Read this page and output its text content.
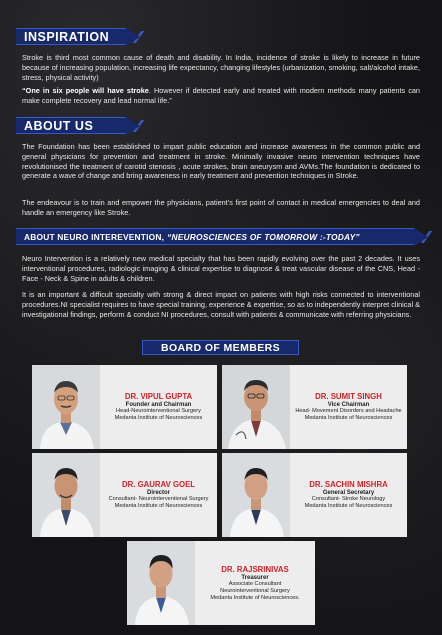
INSPIRATION

Stroke is third most common cause of death and disability. In India, incidence of stroke is likely to increase in future because of increasing population, increasing life expectancy, changing lifestyles (urbanization, smoking, salt/alcohol intake, stress, physical activity)

“One in six people will have stroke. However if detected early and treated with modern methods many patients can make complete recovery and lead normal life.”

ABOUT US

The Foundation has been established to impart public education and increase awareness in the common public and general physicians for prevention and treatment in stroke. Minimally invasive neuro intervention techniques have revolutionised the treatment of carotid stenosis , acute strokes, brain aneurysm and AVMs.The foundation is dedicated to generate a wave of change and bring awareness in early treatment and prevention techniques in Stroke.

The endeavour is to train and empower the physicians, patient’s first point of contact in medical emergencies to deal and handle an emergency like Stroke.

ABOUT NEURO INTEREVENTION, “NEUROSCIENCES OF TOMORROW :-TODAY”

Neuro Intervention is a relatively new medical specialty that has been rapidly evolving over the past 2 decades. It uses interventional procedures, radiologic imaging & clinical expertise to diagnose & treat vascular disease of the CNS, Head - Face - Neck & Spine in adults & children.

It is an important & difficult specialty with strong & direct impact on patients with high risks connected to interventional procedures.NI specialist requires to have special training, experience & expertise, so as to independently interpret clinical & investigational findings, perform & conduct NI procedures, consult with patients & communicate with referring physicians.

BOARD OF MEMBERS
DR. VIPUL GUPTA
Founder and Chairman
Head-Neurointerventional Surgery
Medanta Institute of Neurosciences
DR. SUMIT SINGH
Vice Chairman
Head- Movement Disorders and Headache
Medanta Institute of Neurosciences
DR. GAURAV GOEL
Director
Consultant- Neurointerventional Surgery
Medanta Institute of Neurosciences
DR. SACHIN MISHRA
General Secretary
Consultant- Stroke Neurology
Medanta Institute of Neurosciences
DR. RAJSRINIVAS
Treasurer
Associate Consultant
Neurointerventional Surgery
Medanta Institute of Neurosciences.
